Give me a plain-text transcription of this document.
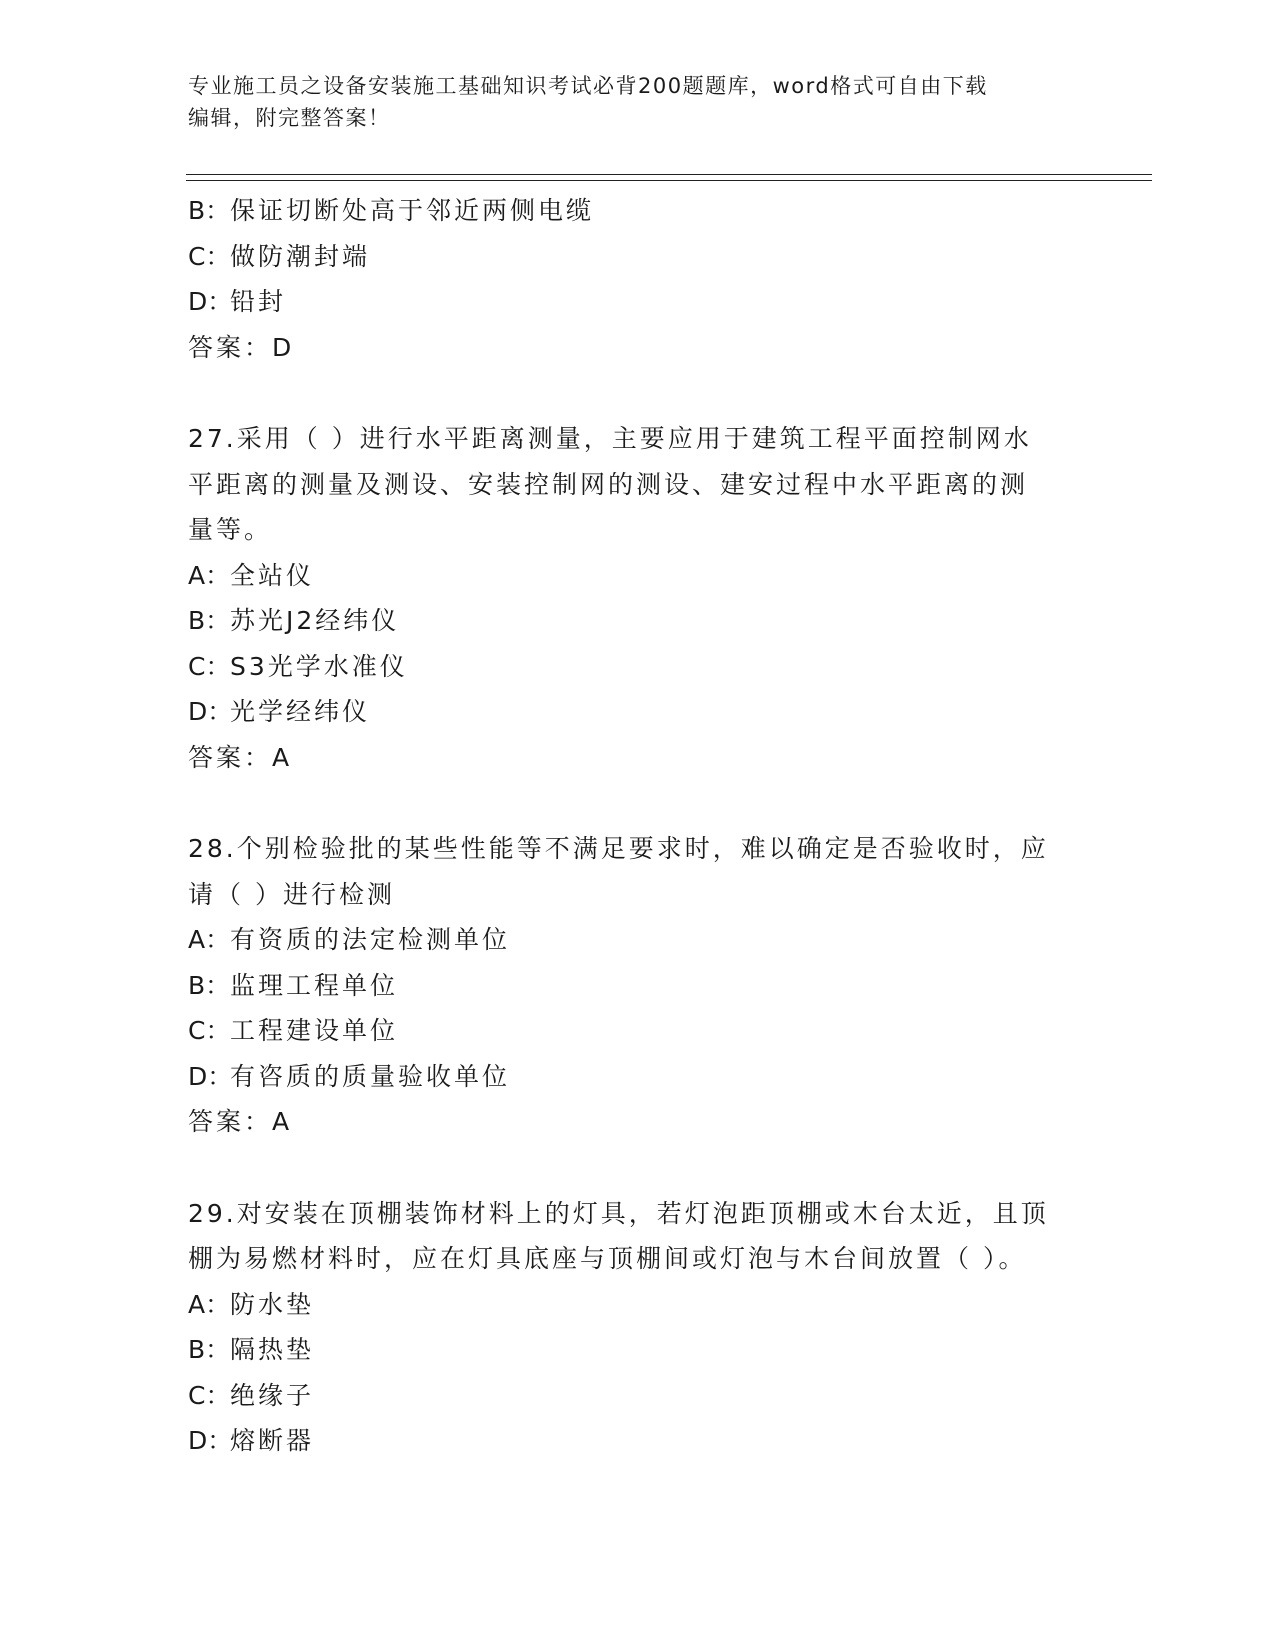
专业施工员之设备安装施工基础知识考试必背200题题库，word格式可自由下载
编辑，附完整答案！
B：保证切断处高于邻近两侧电缆
C：做防潮封端
D：铅封
答案：D
27.采用（ ）进行水平距离测量，主要应用于建筑工程平面控制网水
平距离的测量及测设、安装控制网的测设、建安过程中水平距离的测
量等。
A：全站仪
B：苏光J2经纬仪
C：S3光学水准仪
D：光学经纬仪
答案：A
28.个别检验批的某些性能等不满足要求时，难以确定是否验收时，应
请（ ）进行检测
A：有资质的法定检测单位
B：监理工程单位
C：工程建设单位
D：有咨质的质量验收单位
答案：A
29.对安装在顶棚装饰材料上的灯具，若灯泡距顶棚或木台太近，且顶
棚为易燃材料时，应在灯具底座与顶棚间或灯泡与木台间放置（ ）。
A：防水垫
B：隔热垫
C：绝缘子
D：熔断器
